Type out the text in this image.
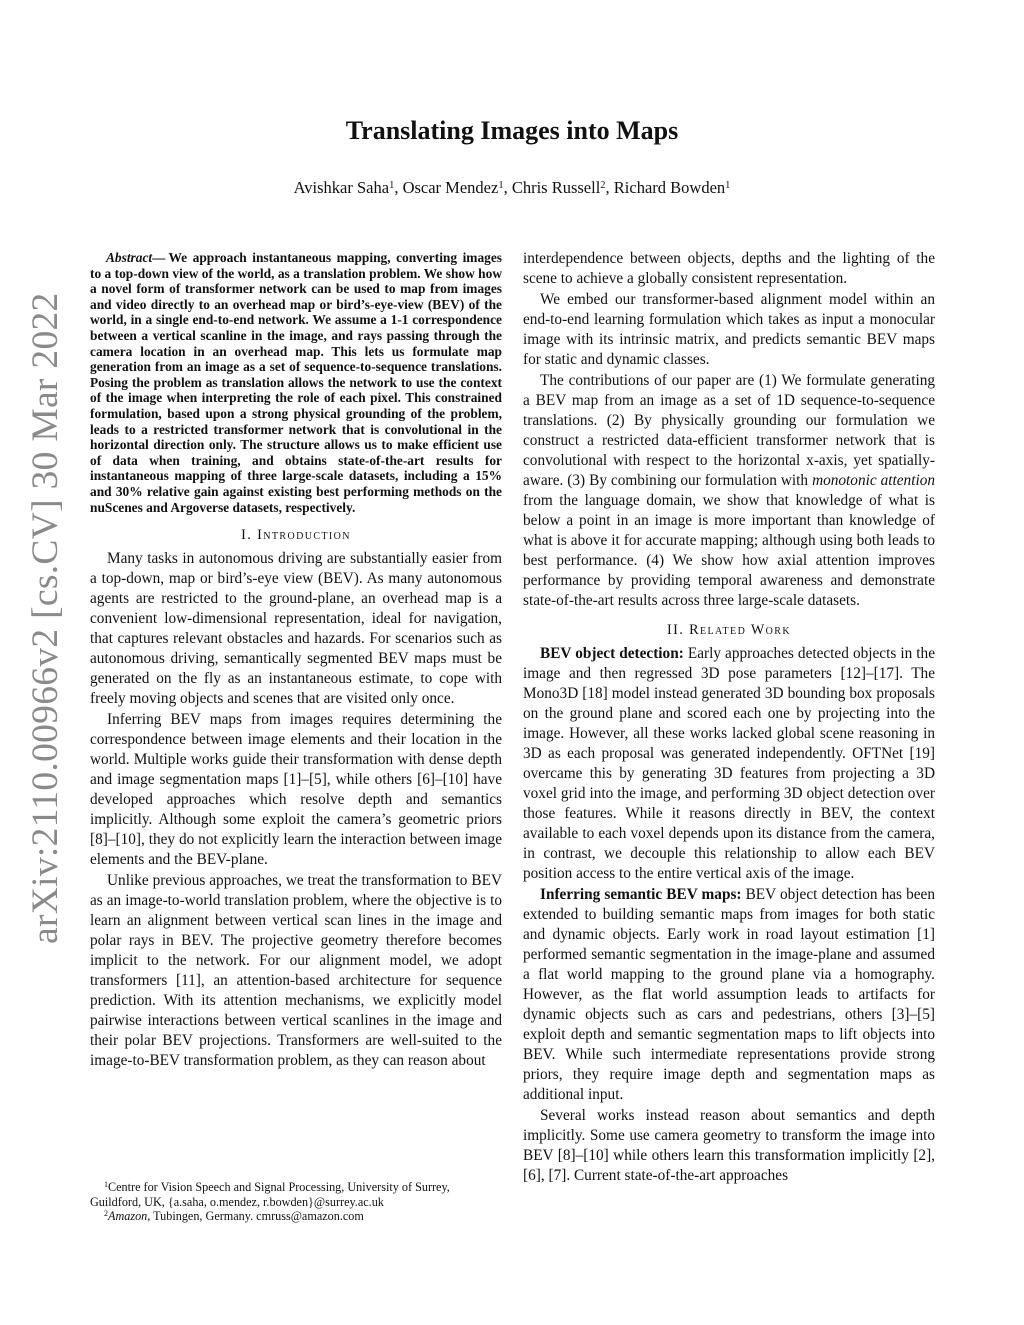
arXiv:2110.00966v2 [cs.CV] 30 Mar 2022
Translating Images into Maps
Avishkar Saha$^1$, Oscar Mendez$^1$, Chris Russell$^2$, Richard Bowden$^1$

Abstract— We approach instantaneous mapping, converting images to a top-down view of the world, as a translation problem. We show how a novel form of transformer network can be used to map from images and video directly to an overhead map or bird’s-eye-view (BEV) of the world, in a single end-to-end network. We assume a 1-1 correspondence between a vertical scanline in the image, and rays passing through the camera location in an overhead map. This lets us formulate map generation from an image as a set of sequence-to-sequence translations. Posing the problem as translation allows the network to use the context of the image when interpreting the role of each pixel. This constrained formulation, based upon a strong physical grounding of the problem, leads to a restricted transformer network that is convolutional in the horizontal direction only. The structure allows us to make efficient use of data when training, and obtains state-of-the-art results for instantaneous mapping of three large-scale datasets, including a 15% and 30% relative gain against existing best performing methods on the nuScenes and Argoverse datasets, respectively.

I. Introduction

Many tasks in autonomous driving are substantially easier from a top-down, map or bird’s-eye view (BEV). As many autonomous agents are restricted to the ground-plane, an overhead map is a convenient low-dimensional representation, ideal for navigation, that captures relevant obstacles and hazards. For scenarios such as autonomous driving, semantically segmented BEV maps must be generated on the fly as an instantaneous estimate, to cope with freely moving objects and scenes that are visited only once.

Inferring BEV maps from images requires determining the correspondence between image elements and their location in the world. Multiple works guide their transformation with dense depth and image segmentation maps [1]–[5], while others [6]–[10] have developed approaches which resolve depth and semantics implicitly. Although some exploit the camera’s geometric priors [8]–[10], they do not explicitly learn the interaction between image elements and the BEV-plane.

Unlike previous approaches, we treat the transformation to BEV as an image-to-world translation problem, where the objective is to learn an alignment between vertical scan lines in the image and polar rays in BEV. The projective geometry therefore becomes implicit to the network. For our alignment model, we adopt transformers [11], an attention-based architecture for sequence prediction. With its attention mechanisms, we explicitly model pairwise interactions between vertical scanlines in the image and their polar BEV projections. Transformers are well-suited to the image-to-BEV transformation problem, as they can reason about

interdependence between objects, depths and the lighting of the scene to achieve a globally consistent representation.

We embed our transformer-based alignment model within an end-to-end learning formulation which takes as input a monocular image with its intrinsic matrix, and predicts semantic BEV maps for static and dynamic classes.

The contributions of our paper are (1) We formulate generating a BEV map from an image as a set of 1D sequence-to-sequence translations. (2) By physically grounding our formulation we construct a restricted data-efficient transformer network that is convolutional with respect to the horizontal x-axis, yet spatially-aware. (3) By combining our formulation with monotonic attention from the language domain, we show that knowledge of what is below a point in an image is more important than knowledge of what is above it for accurate mapping; although using both leads to best performance. (4) We show how axial attention improves performance by providing temporal awareness and demonstrate state-of-the-art results across three large-scale datasets.

II. Related Work

BEV object detection: Early approaches detected objects in the image and then regressed 3D pose parameters [12]–[17]. The Mono3D [18] model instead generated 3D bounding box proposals on the ground plane and scored each one by projecting into the image. However, all these works lacked global scene reasoning in 3D as each proposal was generated independently. OFTNet [19] overcame this by generating 3D features from projecting a 3D voxel grid into the image, and performing 3D object detection over those features. While it reasons directly in BEV, the context available to each voxel depends upon its distance from the camera, in contrast, we decouple this relationship to allow each BEV position access to the entire vertical axis of the image.

Inferring semantic BEV maps: BEV object detection has been extended to building semantic maps from images for both static and dynamic objects. Early work in road layout estimation [1] performed semantic segmentation in the image-plane and assumed a flat world mapping to the ground plane via a homography. However, as the flat world assumption leads to artifacts for dynamic objects such as cars and pedestrians, others [3]–[5] exploit depth and semantic segmentation maps to lift objects into BEV. While such intermediate representations provide strong priors, they require image depth and segmentation maps as additional input.

Several works instead reason about semantics and depth implicitly. Some use camera geometry to transform the image into BEV [8]–[10] while others learn this transformation implicitly [2], [6], [7]. Current state-of-the-art approaches

$^1$Centre for Vision Speech and Signal Processing, University of Surrey, Guildford, UK, {a.saha, o.mendez, r.bowden}@surrey.ac.uk

$^2$Amazon, Tubingen, Germany. cmruss@amazon.com
